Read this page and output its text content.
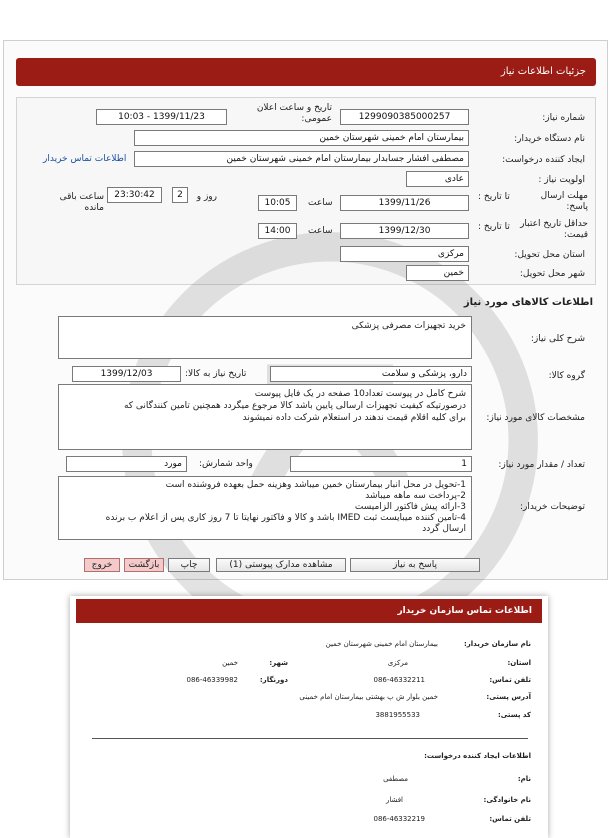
جزئیات اطلاعات نیاز
شماره نیاز:
1299090385000257
تاریخ و ساعت اعلان عمومی:
1399/11/23 - 10:03
نام دستگاه خریدار:
بیمارستان امام خمینی شهرستان خمین
ایجاد کننده درخواست:
مصطفی افشار جسابدار بیمارستان امام خمینی شهرستان خمین
اطلاعات تماس خریدار
اولویت نیاز :
عادی
مهلت ارسال پاسخ:
تا تاریخ :
1399/11/26
ساعت
10:05
2	روز و
23:30:42
ساعت باقی مانده
حداقل تاریخ اعتبار قیمت:
تا تاریخ :
1399/12/30
ساعت
14:00
استان محل تحویل:
مرکزی
شهر محل تحویل:
خمین
اطلاعات کالاهای مورد نیاز
شرح کلی نیاز:
خرید تجهیزات مصرفی پزشکی
گروه کالا:
دارو، پزشکی و سلامت
تاریخ نیاز به کالا:
1399/12/03
مشخصات کالای مورد نیاز:
شرح کامل در پیوست تعداد10 صفحه در یک فایل پیوست
درصورتیکه کیفیت تجهیزات ارسالی پایین باشد کالا مرجوع میگردد همچنین تامین کنندگانی که
برای کلیه اقلام قیمت ندهند در استعلام شرکت داده نمیشوند
تعداد / مقدار مورد نیاز:
1
واحد شمارش:
مورد
توضیحات خریدار:
1-تحویل در محل انبار بیمارستان خمین میباشد وهزینه حمل بعهده فروشنده است
2-پرداخت سه ماهه میباشد
3-ارائه پیش فاکتور الزامیست
4-تامین کننده میبایست ثبت IMED باشد و کالا و فاکتور نهایتا تا 7 روز کاری پس از اعلام ب برنده
ارسال گردد
پاسخ به نیاز
مشاهده مدارک پیوستی (1)
چاپ
بازگشت
خروج
اطلاعات تماس سازمان خریدار
نام سازمان خریدار:
بیمارستان امام خمینی شهرستان خمین
استان:
مرکزی
شهر:
خمین
تلفن تماس:
086-46332211
دورنگار:
086-46339982
آدرس پستی:
خمین بلوار ش پ بهشتی بیمارستان امام خمینی
کد پستی:
3881955533
اطلاعات ایجاد کننده درخواست:
نام:
مصطفی
نام خانوادگی:
افشار
تلفن تماس:
086-46332219
